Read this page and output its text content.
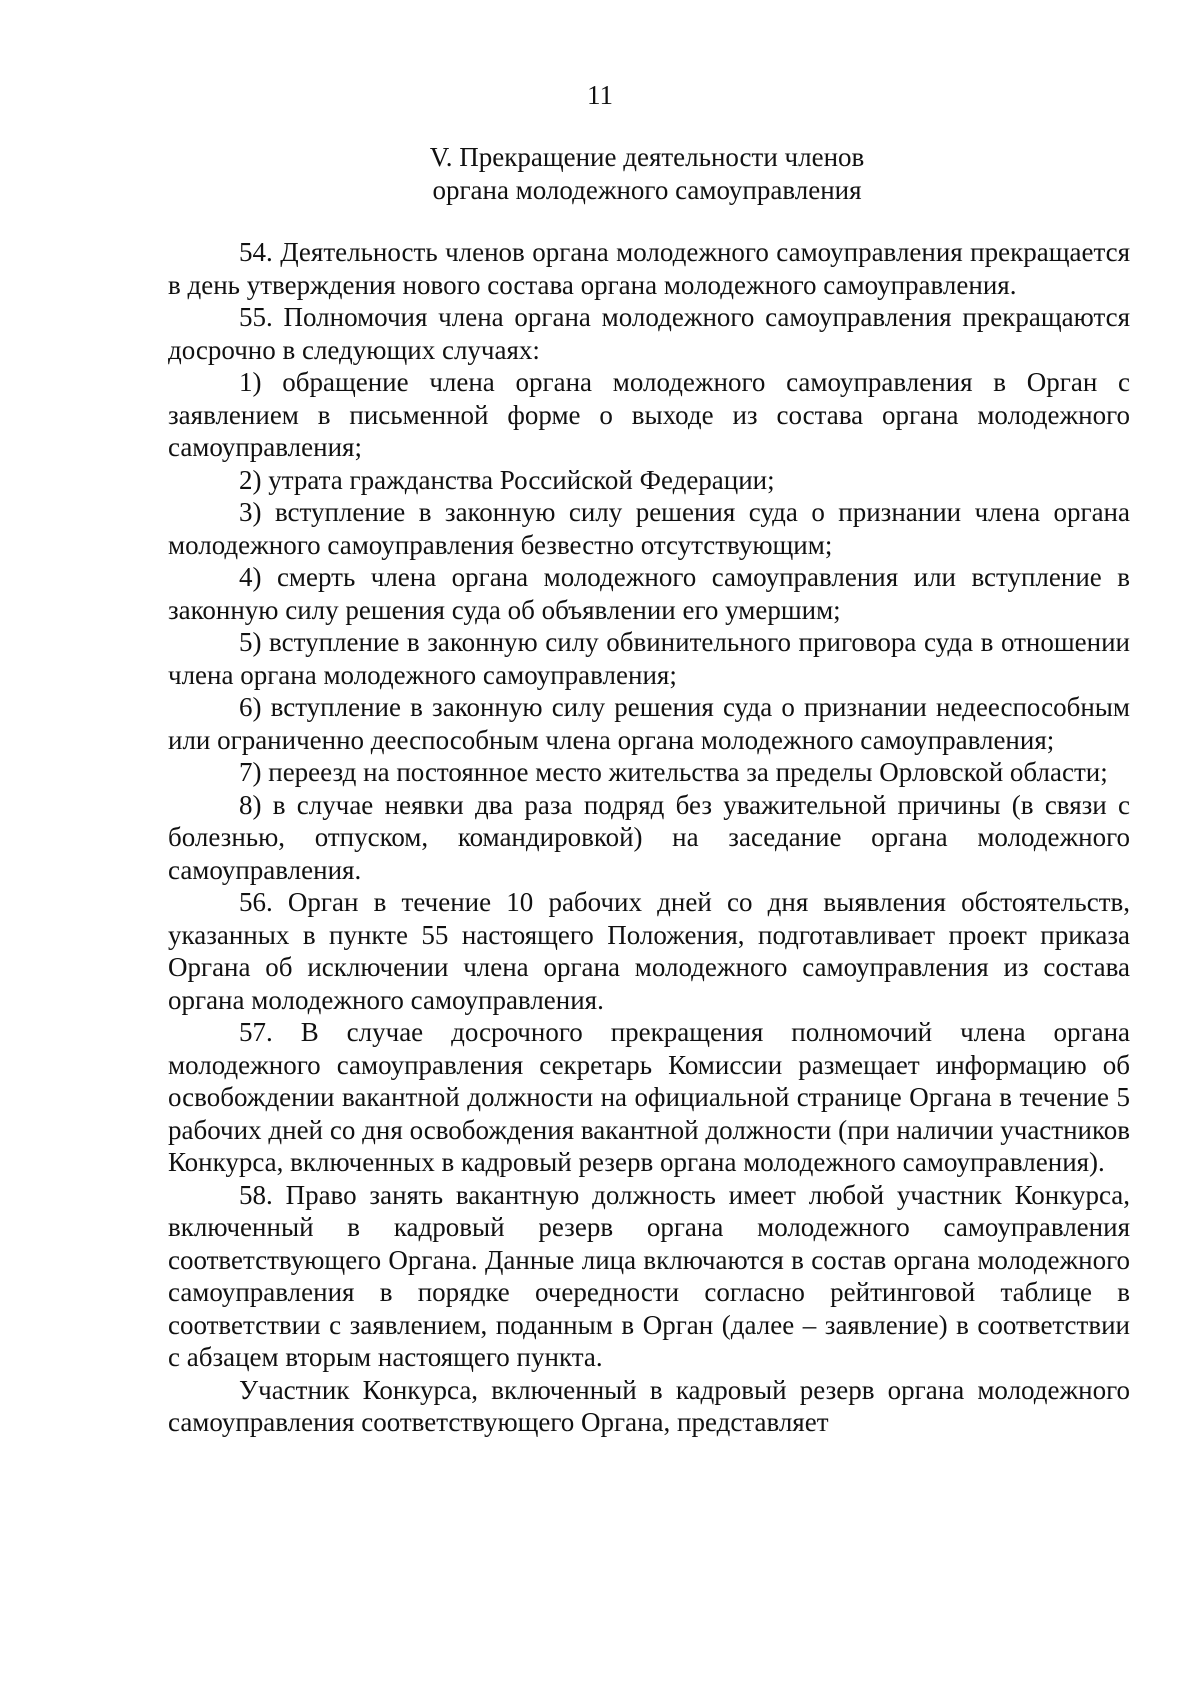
11
V. Прекращение деятельности членов
органа молодежного самоуправления

54. Деятельность членов органа молодежного самоуправления прекращается в день утверждения нового состава органа молодежного самоуправления.

55. Полномочия члена органа молодежного самоуправления прекращаются досрочно в следующих случаях:

1) обращение члена органа молодежного самоуправления в Орган с заявлением в письменной форме о выходе из состава органа молодежного самоуправления;

2) утрата гражданства Российской Федерации;

3) вступление в законную силу решения суда о признании члена органа молодежного самоуправления безвестно отсутствующим;

4) смерть члена органа молодежного самоуправления или вступление в законную силу решения суда об объявлении его умершим;

5) вступление в законную силу обвинительного приговора суда в отношении члена органа молодежного самоуправления;

6) вступление в законную силу решения суда о признании недееспособным или ограниченно дееспособным члена органа молодежного самоуправления;

7) переезд на постоянное место жительства за пределы Орловской области;

8) в случае неявки два раза подряд без уважительной причины (в связи с болезнью, отпуском, командировкой) на заседание органа молодежного самоуправления.

56. Орган в течение 10 рабочих дней со дня выявления обстоятельств, указанных в пункте 55 настоящего Положения, подготавливает проект приказа Органа об исключении члена органа молодежного самоуправления из состава органа молодежного самоуправления.

57. В случае досрочного прекращения полномочий члена органа молодежного самоуправления секретарь Комиссии размещает информацию об освобождении вакантной должности на официальной странице Органа в течение 5 рабочих дней со дня освобождения вакантной должности (при наличии участников Конкурса, включенных в кадровый резерв органа молодежного самоуправления).

58. Право занять вакантную должность имеет любой участник Конкурса, включенный в кадровый резерв органа молодежного самоуправления соответствующего Органа. Данные лица включаются в состав органа молодежного самоуправления в порядке очередности согласно рейтинговой таблице в соответствии с заявлением, поданным в Орган (далее – заявление) в соответствии с абзацем вторым настоящего пункта.

Участник Конкурса, включенный в кадровый резерв органа молодежного самоуправления соответствующего Органа, представляет
